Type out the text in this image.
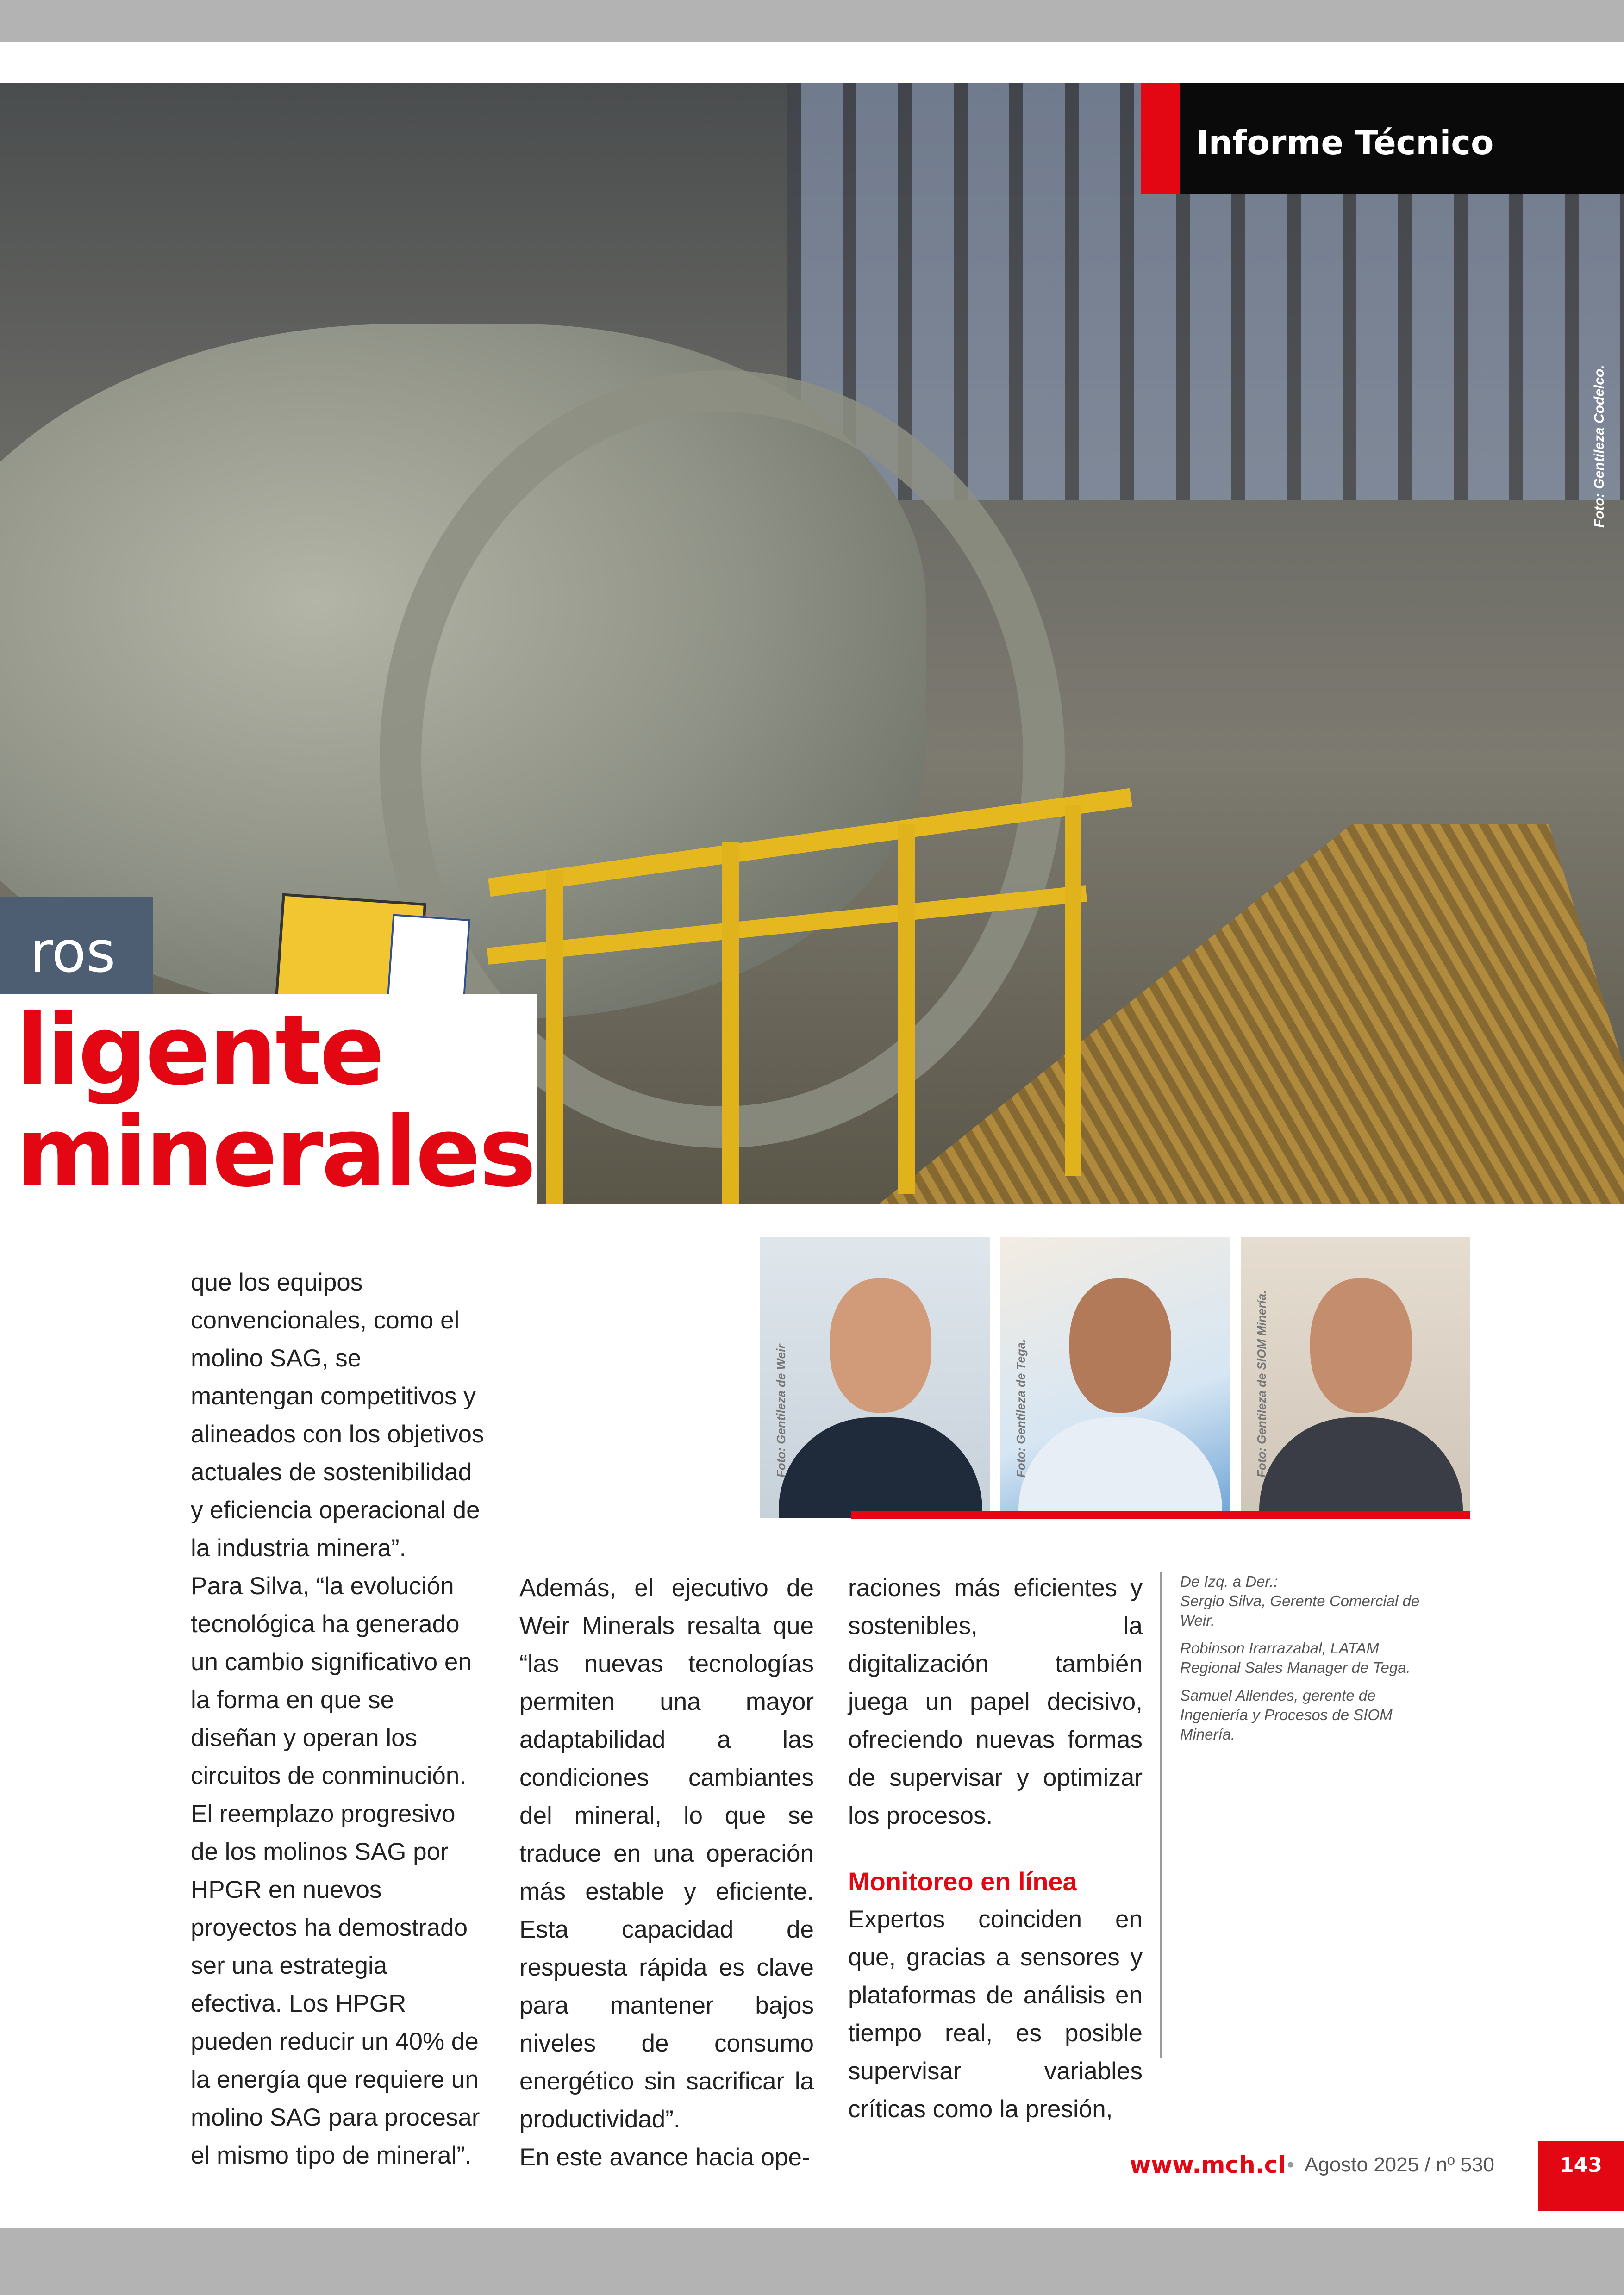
Informe Técnico
Foto: Gentileza Codelco.
ros
ligente
minerales

que los equipos convencionales, como el molino SAG, se mantengan competitivos y alineados con los objetivos actuales de sostenibilidad y eficiencia operacional de la industria minera”.

Para Silva, “la evolución tecnológica ha generado un cambio significativo en la forma en que se diseñan y operan los circuitos de conminución. El reemplazo progresivo de los molinos SAG por HPGR en nuevos proyectos ha demostrado ser una estrategia efectiva. Los HPGR pueden reducir un 40% de la energía que requiere un molino SAG para procesar el mismo tipo de mineral”.

Foto: Gentileza de Weir	Foto: Gentileza de Tega.	Foto: Gentileza de SIOM Minería.

Además, el ejecutivo de Weir Minerals resalta que “las nuevas tecnologías permiten una mayor adaptabilidad a las condiciones cambiantes del mineral, lo que se traduce en una operación más estable y eficiente. Esta capacidad de respuesta rápida es clave para mantener bajos niveles de consumo energético sin sacrificar la productividad”.

En este avance hacia ope-

raciones más eficientes y sostenibles, la digitalización también juega un papel decisivo, ofreciendo nuevas formas de supervisar y optimizar los procesos.

Monitoreo en línea

Expertos coinciden en que, gracias a sensores y plataformas de análisis en tiempo real, es posible supervisar variables críticas como la presión,

De Izq. a Der.:
Sergio Silva, Gerente Comercial de Weir.

Robinson Irarrazabal, LATAM Regional Sales Manager de Tega.

Samuel Allendes, gerente de Ingeniería y Procesos de SIOM Minería.

www.mch.cl • Agosto 2025 / nº 530	143
